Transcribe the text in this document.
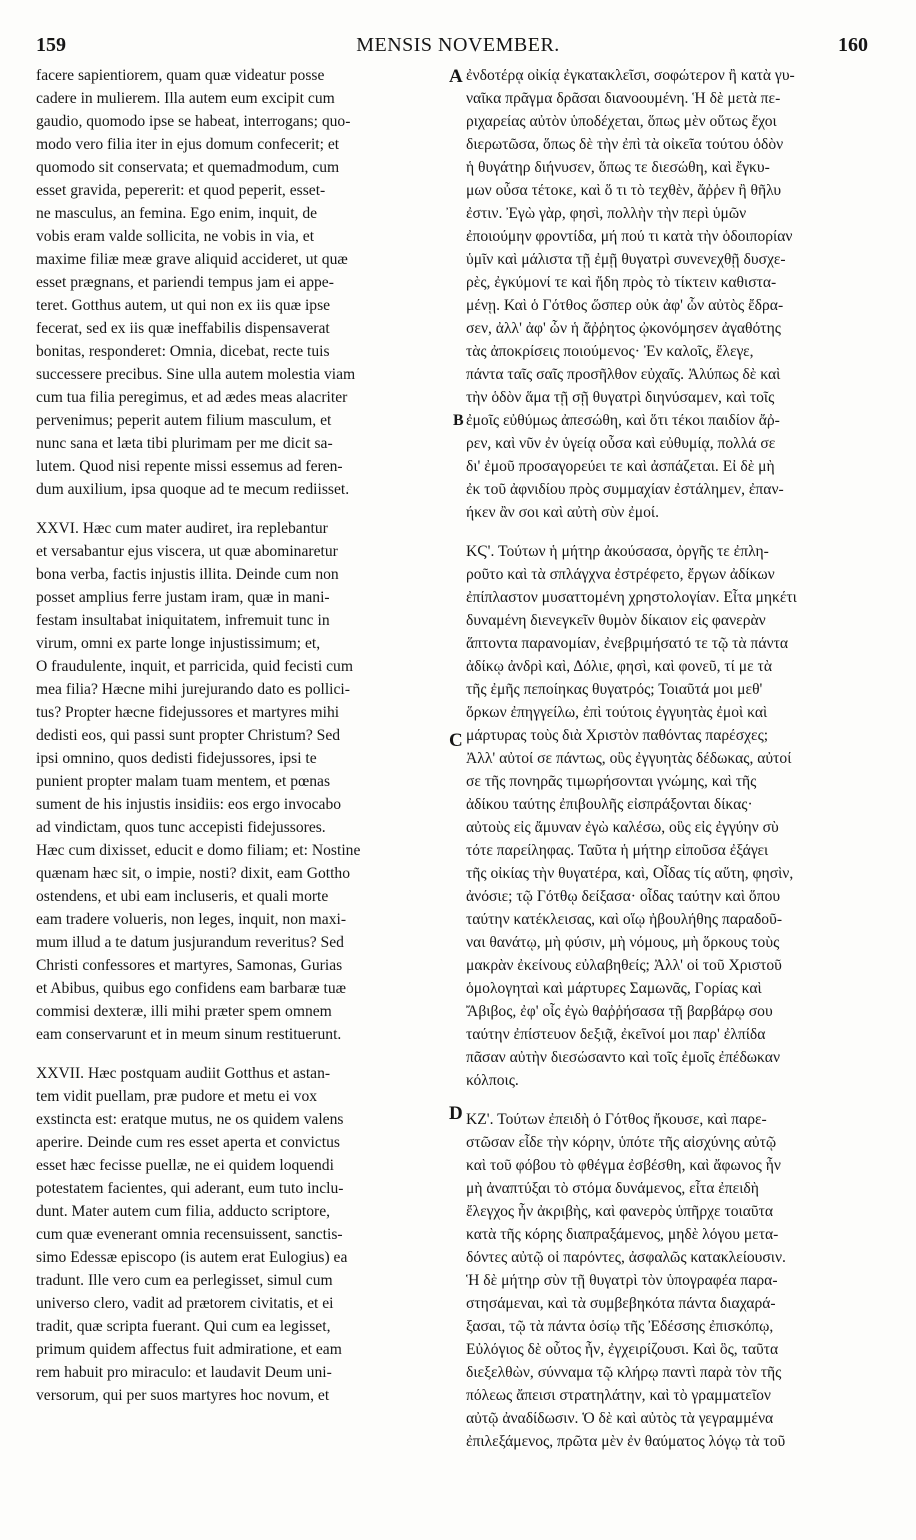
159	MENSIS NOVEMBER.	160
A
B
C
D
facere sapientiorem, quam quæ videatur posse
cadere in mulierem. Illa autem eum excipit cum
gaudio, quomodo ipse se habeat, interrogans; quo-
modo vero filia iter in ejus domum confecerit; et
quomodo sit conservata; et quemadmodum, cum
esset gravida, pepererit: et quod peperit, esset-
ne masculus, an femina. Ego enim, inquit, de
vobis eram valde sollicita, ne vobis in via, et
maxime filiæ meæ grave aliquid accideret, ut quæ
esset prægnans, et pariendi tempus jam ei appe-
teret. Gotthus autem, ut qui non ex iis quæ ipse
fecerat, sed ex iis quæ ineffabilis dispensaverat
bonitas, responderet: Omnia, dicebat, recte tuis
successere precibus. Sine ulla autem molestia viam
cum tua filia peregimus, et ad ædes meas alacriter
pervenimus; peperit autem filium masculum, et
nunc sana et læta tibi plurimam per me dicit sa-
lutem. Quod nisi repente missi essemus ad feren-
dum auxilium, ipsa quoque ad te mecum rediisset.
XXVI. Hæc cum mater audiret, ira replebantur
et versabantur ejus viscera, ut quæ abominaretur
bona verba, factis injustis illita. Deinde cum non
posset amplius ferre justam iram, quæ in mani-
festam insultabat iniquitatem, infremuit tunc in
virum, omni ex parte longe injustissimum; et,
O fraudulente, inquit, et parricida, quid fecisti cum
mea filia? Hæcne mihi jurejurando dato es pollici-
tus? Propter hæcne fidejussores et martyres mihi
dedisti eos, qui passi sunt propter Christum? Sed
ipsi omnino, quos dedisti fidejussores, ipsi te
punient propter malam tuam mentem, et pœnas
sument de his injustis insidiis: eos ergo invocabo
ad vindictam, quos tunc accepisti fidejussores.
Hæc cum dixisset, educit e domo filiam; et: Nostine
quænam hæc sit, o impie, nosti? dixit, eam Gottho
ostendens, et ubi eam incluseris, et quali morte
eam tradere volueris, non leges, inquit, non maxi-
mum illud a te datum jusjurandum reveritus? Sed
Christi confessores et martyres, Samonas, Gurias
et Abibus, quibus ego confidens eam barbaræ tuæ
commisi dexteræ, illi mihi præter spem omnem
eam conservarunt et in meum sinum restituerunt.
XXVII. Hæc postquam audiit Gotthus et astan-
tem vidit puellam, præ pudore et metu ei vox
exstincta est: eratque mutus, ne os quidem valens
aperire. Deinde cum res esset aperta et convictus
esset hæc fecisse puellæ, ne ei quidem loquendi
potestatem facientes, qui aderant, eum tuto inclu-
dunt. Mater autem cum filia, adducto scriptore,
cum quæ evenerant omnia recensuissent, sanctis-
simo Edessæ episcopo (is autem erat Eulogius) ea
tradunt. Ille vero cum ea perlegisset, simul cum
universo clero, vadit ad prætorem civitatis, et ei
tradit, quæ scripta fuerant. Qui cum ea legisset,
primum quidem affectus fuit admiratione, et eam
rem habuit pro miraculo: et laudavit Deum uni-
versorum, qui per suos martyres hoc novum, et
ἐνδοτέρᾳ οἰκίᾳ ἐγκατακλεῖσι, σοφώτερον ἢ κατὰ γυ-
ναῖκα πρᾶγμα δρᾶσαι διανοουμένη. Ἡ δὲ μετὰ πε-
ριχαρείας αὐτὸν ὑποδέχεται, ὅπως μὲν οὕτως ἔχοι
διερωτῶσα, ὅπως δὲ τὴν ἐπὶ τὰ οἰκεῖα τούτου ὁδὸν
ἡ θυγάτηρ διήνυσεν, ὅπως τε διεσώθη, καὶ ἔγκυ-
μων οὖσα τέτοκε, καὶ ὅ τι τὸ τεχθὲν, ἄῤῥεν ἢ θῆλυ
ἐστιν. Ἐγὼ γὰρ, φησὶ, πολλὴν τὴν περὶ ὑμῶν
ἐποιούμην φροντίδα, μή πού τι κατὰ τὴν ὁδοιπορίαν
ὑμῖν καὶ μάλιστα τῇ ἐμῇ θυγατρὶ συνενεχθῇ δυσχε-
ρὲς, ἐγκύμονί τε καὶ ἤδη πρὸς τὸ τίκτειν καθιστα-
μένῃ. Καὶ ὁ Γότθος ὥσπερ οὐκ ἀφ' ὧν αὐτὸς ἔδρα-
σεν, ἀλλ' ἀφ' ὧν ἡ ἄῤῥητος ᾠκονόμησεν ἀγαθότης
τὰς ἀποκρίσεις ποιούμενος· Ἐν καλοῖς, ἔλεγε,
πάντα ταῖς σαῖς προσῆλθον εὐχαῖς. Ἀλύπως δὲ καὶ
τὴν ὁδὸν ἅμα τῇ σῇ θυγατρὶ διηνύσαμεν, καὶ τοῖς
ἐμοῖς εὐθύμως ἀπεσώθη, καὶ ὅτι τέκοι παιδίον ἄῤ-
ρεν, καὶ νῦν ἐν ὑγείᾳ οὖσα καὶ εὐθυμίᾳ, πολλά σε
δι' ἐμοῦ προσαγορεύει τε καὶ ἀσπάζεται. Εἰ δὲ μὴ
ἐκ τοῦ ἀφνιδίου πρὸς συμμαχίαν ἐστάλημεν, ἐπαν-
ήκεν ἂν σοι καὶ αὐτὴ σὺν ἐμοί.
ΚϚ'. Τούτων ἡ μήτηρ ἀκούσασα, ὀργῆς τε ἐπλη-
ροῦτο καὶ τὰ σπλάγχνα ἐστρέφετο, ἔργων ἀδίκων
ἐπίπλαστον μυσαττομένη χρηστολογίαν. Εἶτα μηκέτι
δυναμένη διενεγκεῖν θυμὸν δίκαιον εἰς φανερὰν
ἅπτοντα παρανομίαν, ἐνεβριμήσατό τε τῷ τὰ πάντα
ἀδίκῳ ἀνδρὶ καὶ, Δόλιε, φησὶ, καὶ φονεῦ, τί με τὰ
τῆς ἐμῆς πεποίηκας θυγατρός; Τοιαῦτά μοι μεθ'
ὅρκων ἐπηγγείλω, ἐπὶ τούτοις ἐγγυητὰς ἐμοὶ καὶ
μάρτυρας τοὺς διὰ Χριστὸν παθόντας παρέσχες;
Ἀλλ' αὐτοί σε πάντως, οὓς ἐγγυητὰς δέδωκας, αὐτοί
σε τῆς πονηρᾶς τιμωρήσονται γνώμης, καὶ τῆς
ἀδίκου ταύτης ἐπιβουλῆς εἰσπράξονται δίκας·
αὐτοὺς εἰς ἄμυναν ἐγὼ καλέσω, οὓς εἰς ἐγγύην σὺ
τότε παρείληφας. Ταῦτα ἡ μήτηρ εἰποῦσα ἐξάγει
τῆς οἰκίας τὴν θυγατέρα, καὶ, Οἶδας τίς αὕτη, φησὶν,
ἀνόσιε; τῷ Γότθῳ δείξασα· οἶδας ταύτην καὶ ὅπου
ταύτην κατέκλεισας, καὶ οἵῳ ἠβουλήθης παραδοῦ-
ναι θανάτῳ, μὴ φύσιν, μὴ νόμους, μὴ ὅρκους τοὺς
μακρὰν ἐκείνους εὐλαβηθείς; Ἀλλ' οἱ τοῦ Χριστοῦ
ὁμολογηταὶ καὶ μάρτυρες Σαμωνᾶς, Γορίας καὶ
Ἄβιβος, ἐφ' οἷς ἐγὼ θαῤῥήσασα τῇ βαρβάρῳ σου
ταύτην ἐπίστευον δεξιᾷ, ἐκεῖνοί μοι παρ' ἐλπίδα
πᾶσαν αὐτὴν διεσώσαντο καὶ τοῖς ἐμοῖς ἐπέδωκαν
κόλποις.
ΚΖ'. Τούτων ἐπειδὴ ὁ Γότθος ἤκουσε, καὶ παρε-
στῶσαν εἶδε τὴν κόρην, ὑπότε τῆς αἰσχύνης αὐτῷ
καὶ τοῦ φόβου τὸ φθέγμα ἐσβέσθη, καὶ ἄφωνος ἦν
μὴ ἀναπτύξαι τὸ στόμα δυνάμενος, εἶτα ἐπειδὴ
ἔλεγχος ἦν ἀκριβὴς, καὶ φανερὸς ὑπῆρχε τοιαῦτα
κατὰ τῆς κόρης διαπραξάμενος, μηδὲ λόγου μετα-
δόντες αὐτῷ οἱ παρόντες, ἀσφαλῶς κατακλείουσιν.
Ἡ δὲ μήτηρ σὺν τῇ θυγατρὶ τὸν ὑπογραφέα παρα-
στησάμεναι, καὶ τὰ συμβεβηκότα πάντα διαχαρά-
ξασαι, τῷ τὰ πάντα ὁσίῳ τῆς Ἐδέσσης ἐπισκόπῳ,
Εὐλόγιος δὲ οὗτος ἦν, ἐγχειρίζουσι. Καὶ ὃς, ταῦτα
διεξελθὼν, σύνναμα τῷ κλήρῳ παντὶ παρὰ τὸν τῆς
πόλεως ἄπεισι στρατηλάτην, καὶ τὸ γραμματεῖον
αὐτῷ ἀναδίδωσιν. Ὁ δὲ καὶ αὐτὸς τὰ γεγραμμένα
ἐπιλεξάμενος, πρῶτα μὲν ἐν θαύματος λόγῳ τὰ τοῦ
